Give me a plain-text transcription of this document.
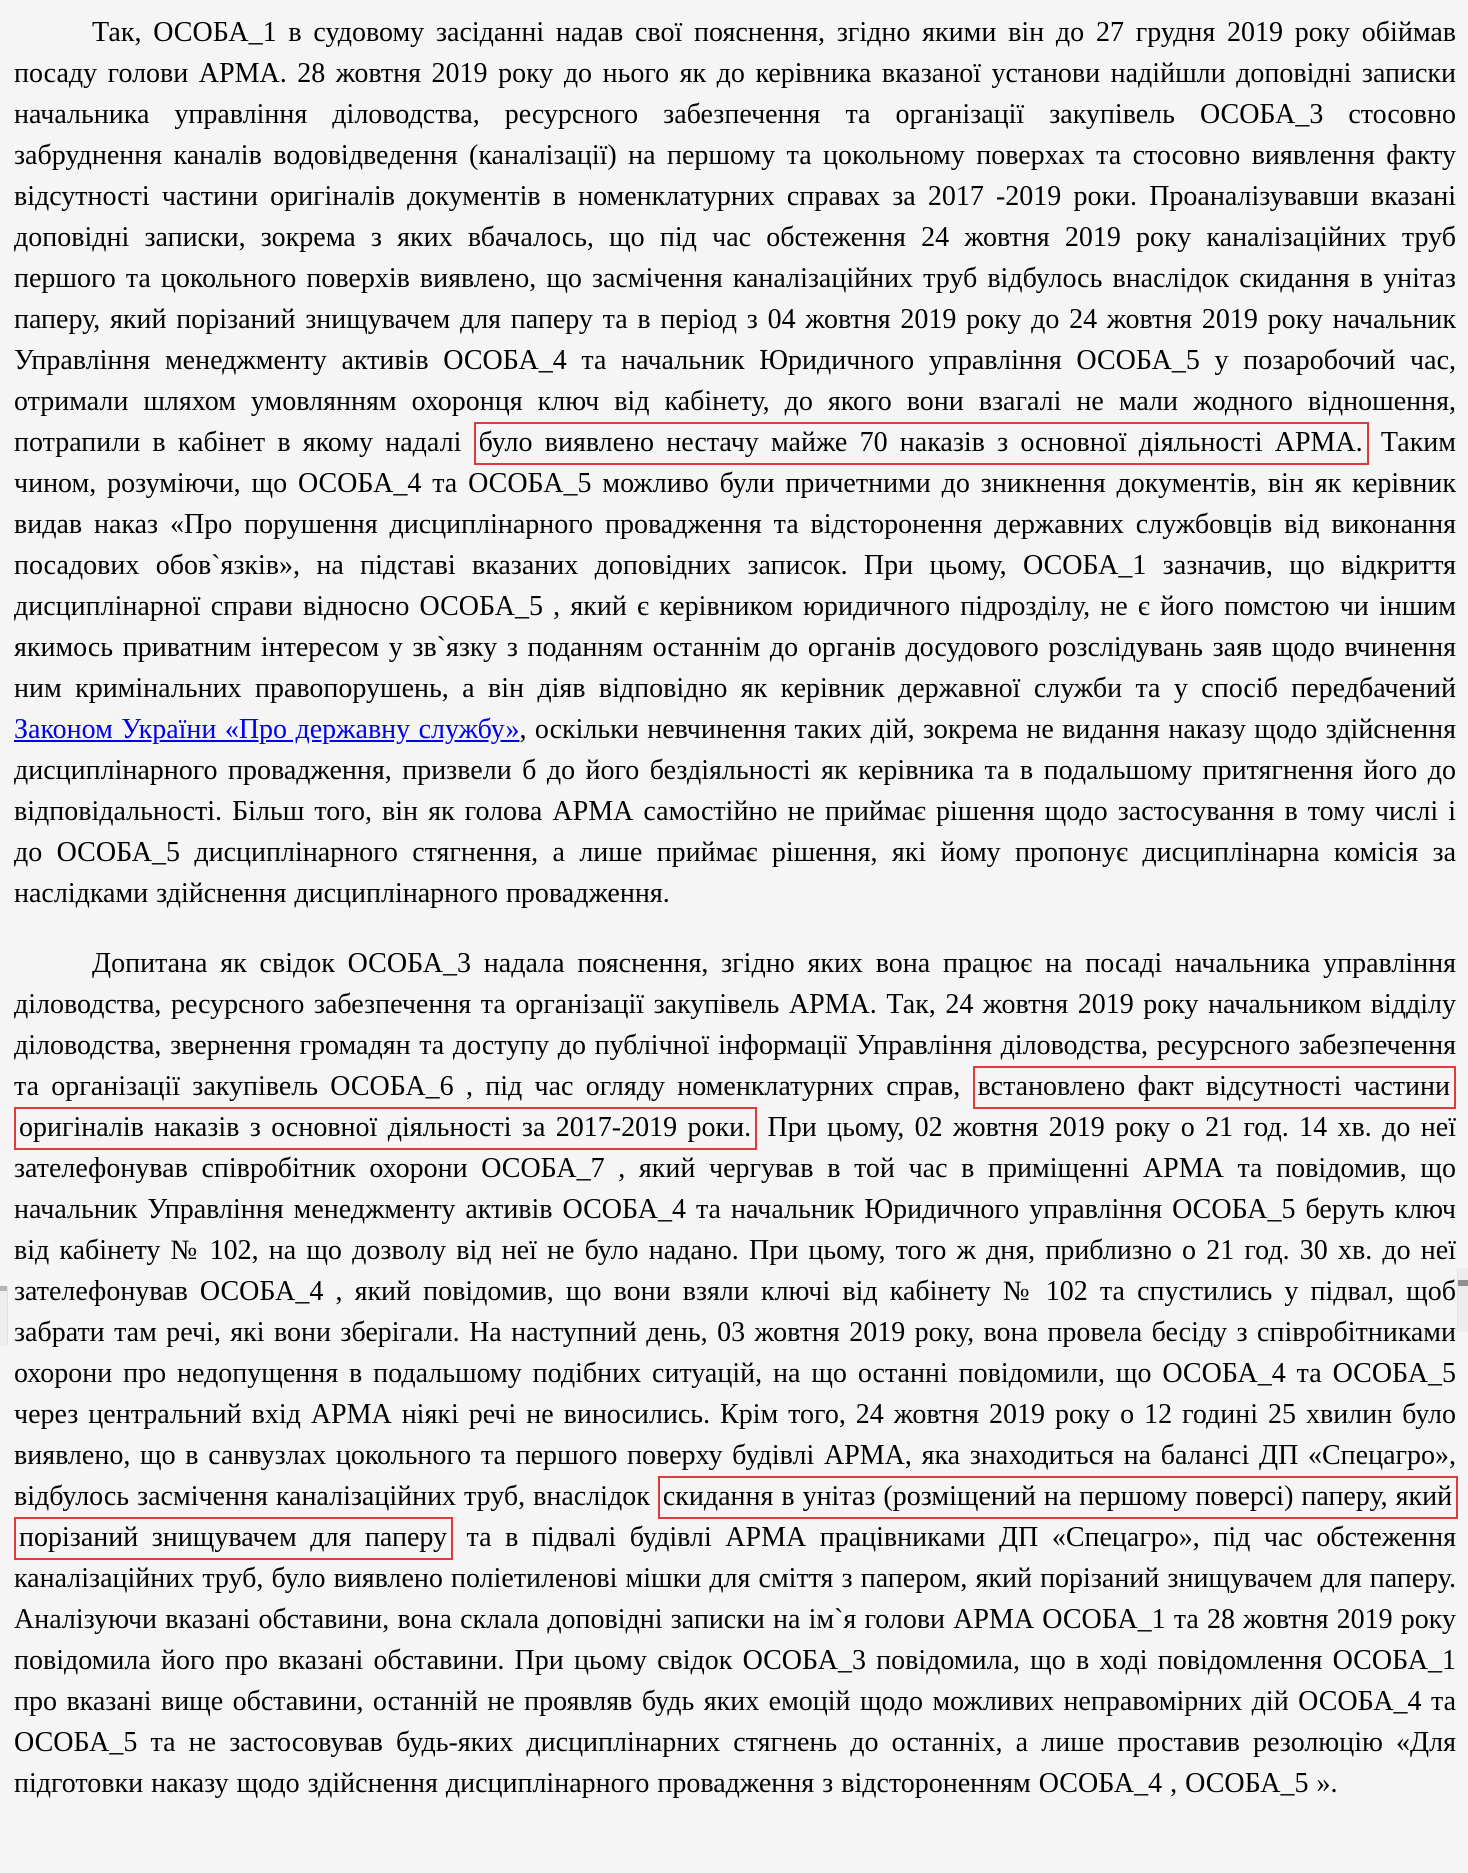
Так, ОСОБА_1 в судовому засіданні надав свої пояснення, згідно якими він до 27 грудня 2019 року обіймав посаду голови АРМА. 28 жовтня 2019 року до нього як до керівника вказаної установи надійшли доповідні записки начальника управління діловодства, ресурсного забезпечення та організації закупівель ОСОБА_3 стосовно забруднення каналів водовідведення (каналізації) на першому та цокольному поверхах та стосовно виявлення факту відсутності частини оригіналів документів в номенклатурних справах за 2017 -2019 роки. Проаналізувавши вказані доповідні записки, зокрема з яких вбачалось, що під час обстеження 24 жовтня 2019 року каналізаційних труб першого та цокольного поверхів виявлено, що засмічення каналізаційних труб відбулось внаслідок скидання в унітаз паперу, який порізаний знищувачем для паперу та в період з 04 жовтня 2019 року до 24 жовтня 2019 року начальник Управління менеджменту активів ОСОБА_4 та начальник Юридичного управління ОСОБА_5 у позаробочий час, отримали шляхом умовлянням охоронця ключ від кабінету, до якого вони взагалі не мали жодного відношення, потрапили в кабінет в якому надалі було виявлено нестачу майже 70 наказів з основної діяльності АРМА. Таким чином, розуміючи, що ОСОБА_4 та ОСОБА_5 можливо були причетними до зникнення документів, він як керівник видав наказ «Про порушення дисциплінарного провадження та відсторонення державних службовців від виконання посадових обов`язків», на підставі вказаних доповідних записок. При цьому, ОСОБА_1 зазначив, що відкриття дисциплінарної справи відносно ОСОБА_5 , який є керівником юридичного підрозділу, не є його помстою чи іншим якимось приватним інтересом у зв`язку з поданням останнім до органів досудового розслідувань заяв щодо вчинення ним кримінальних правопорушень, а він діяв відповідно як керівник державної служби та у спосіб передбачений Законом України «Про державну службу», оскільки невчинення таких дій, зокрема не видання наказу щодо здійснення дисциплінарного провадження, призвели б до його бездіяльності як керівника та в подальшому притягнення його до відповідальності. Більш того, він як голова АРМА самостійно не приймає рішення щодо застосування в тому числі і до ОСОБА_5 дисциплінарного стягнення, а лише приймає рішення, які йому пропонує дисциплінарна комісія за наслідками здійснення дисциплінарного провадження.

Допитана як свідок ОСОБА_3 надала пояснення, згідно яких вона працює на посаді начальника управління діловодства, ресурсного забезпечення та організації закупівель АРМА. Так, 24 жовтня 2019 року начальником відділу діловодства, звернення громадян та доступу до публічної інформації Управління діловодства, ресурсного забезпечення та організації закупівель ОСОБА_6 , під час огляду номенклатурних справ, встановлено факт відсутності частини оригіналів наказів з основної діяльності за 2017-2019 роки. При цьому, 02 жовтня 2019 року о 21 год. 14 хв. до неї зателефонував співробітник охорони ОСОБА_7 , який чергував в той час в приміщенні АРМА та повідомив, що начальник Управління менеджменту активів ОСОБА_4 та начальник Юридичного управління ОСОБА_5 беруть ключ від кабінету № 102, на що дозволу від неї не було надано. При цьому, того ж дня, приблизно о 21 год. 30 хв. до неї зателефонував ОСОБА_4 , який повідомив, що вони взяли ключі від кабінету № 102 та спустились у підвал, щоб забрати там речі, які вони зберігали. На наступний день, 03 жовтня 2019 року, вона провела бесіду з співробітниками охорони про недопущення в подальшому подібних ситуацій, на що останні повідомили, що ОСОБА_4 та ОСОБА_5 через центральний вхід АРМА ніякі речі не виносились. Крім того, 24 жовтня 2019 року о 12 годині 25 хвилин було виявлено, що в санвузлах цокольного та першого поверху будівлі АРМА, яка знаходиться на балансі ДП «Спецагро», відбулось засмічення каналізаційних труб, внаслідок скидання в унітаз (розміщений на першому поверсі) паперу, який порізаний знищувачем для паперу та в підвалі будівлі АРМА працівниками ДП «Спецагро», під час обстеження каналізаційних труб, було виявлено поліетиленові мішки для сміття з папером, який порізаний знищувачем для паперу. Аналізуючи вказані обставини, вона склала доповідні записки на ім`я голови АРМА ОСОБА_1 та 28 жовтня 2019 року повідомила його про вказані обставини. При цьому свідок ОСОБА_3 повідомила, що в ході повідомлення ОСОБА_1 про вказані вище обставини, останній не проявляв будь яких емоцій щодо можливих неправомірних дій ОСОБА_4 та ОСОБА_5 та не застосовував будь-яких дисциплінарних стягнень до останніх, а лише проставив резолюцію «Для підготовки наказу щодо здійснення дисциплінарного провадження з відстороненням ОСОБА_4 , ОСОБА_5 ».
